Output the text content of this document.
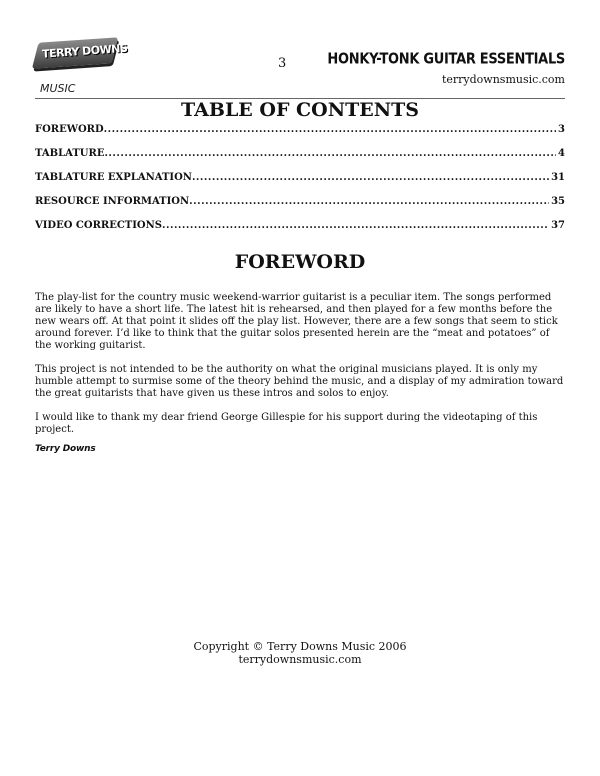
TERRY DOWNS
MUSIC
3	HONKY-TONK GUITAR ESSENTIALS
terrydownsmusic.com
TABLE OF CONTENTS
FOREWORD .....	3
TABLATURE .....	4
TABLATURE EXPLANATION .....	31
RESOURCE INFORMATION .....	35
VIDEO CORRECTIONS .....	37
FOREWORD

The play-list for the country music weekend-warrior guitarist is a peculiar item. The songs performed are likely to have a short life. The latest hit is rehearsed, and then played for a few months before the new wears off. At that point it slides off the play list. However, there are a few songs that seem to stick around forever. I’d like to think that the guitar solos presented herein are the “meat and potatoes” of the working guitarist.

This project is not intended to be the authority on what the original musicians played. It is only my humble attempt to surmise some of the theory behind the music, and a display of my admiration toward the great guitarists that have given us these intros and solos to enjoy.

I would like to thank my dear friend George Gillespie for his support during the videotaping of this project.

Terry Downs
Copyright © Terry Downs Music 2006
terrydownsmusic.com
